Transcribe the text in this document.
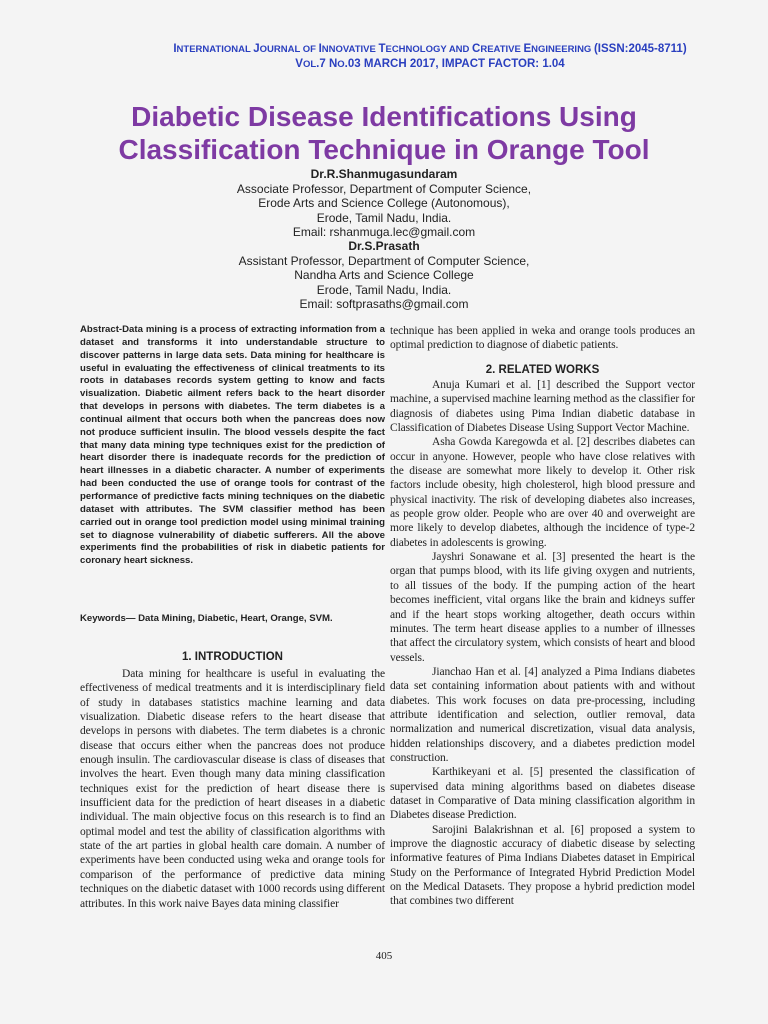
INTERNATIONAL JOURNAL OF INNOVATIVE TECHNOLOGY AND CREATIVE ENGINEERING (ISSN:2045-8711)
VOL.7 NO.03 MARCH 2017, IMPACT FACTOR: 1.04
Diabetic Disease Identifications Using
Classification Technique in Orange Tool
Dr.R.Shanmugasundaram
Associate Professor, Department of Computer Science,
Erode Arts and Science College (Autonomous),
Erode, Tamil Nadu, India.
Email: rshanmuga.lec@gmail.com
Dr.S.Prasath
Assistant Professor, Department of Computer Science,
Nandha Arts and Science College
Erode, Tamil Nadu, India.
Email: softprasaths@gmail.com
Abstract-Data mining is a process of extracting information from a dataset and transforms it into understandable structure to discover patterns in large data sets. Data mining for healthcare is useful in evaluating the effectiveness of clinical treatments to its roots in databases records system getting to know and facts visualization. Diabetic ailment refers back to the heart disorder that develops in persons with diabetes. The term diabetes is a continual ailment that occurs both when the pancreas does now not produce sufficient insulin. The blood vessels despite the fact that many data mining type techniques exist for the prediction of heart disorder there is inadequate records for the prediction of heart illnesses in a diabetic character. A number of experiments had been conducted the use of orange tools for contrast of the performance of predictive facts mining techniques on the diabetic dataset with attributes. The SVM classifier method has been carried out in orange tool prediction model using minimal training set to diagnose vulnerability of diabetic sufferers. All the above experiments find the probabilities of risk in diabetic patients for coronary heart sickness.
Keywords— Data Mining, Diabetic, Heart, Orange, SVM.
1. INTRODUCTION

Data mining for healthcare is useful in evaluating the effectiveness of medical treatments and it is interdisciplinary field of study in databases statistics machine learning and data visualization. Diabetic disease refers to the heart disease that develops in persons with diabetes. The term diabetes is a chronic disease that occurs either when the pancreas does not produce enough insulin. The cardiovascular disease is class of diseases that involves the heart. Even though many data mining classification techniques exist for the prediction of heart disease there is insufficient data for the prediction of heart diseases in a diabetic individual. The main objective focus on this research is to find an optimal model and test the ability of classification algorithms with state of the art parties in global health care domain. A number of experiments have been conducted using weka and orange tools for comparison of the performance of predictive data mining techniques on the diabetic dataset with 1000 records using different attributes. In this work naive Bayes data mining classifier

technique has been applied in weka and orange tools produces an optimal prediction to diagnose of diabetic patients.

2. RELATED WORKS

Anuja Kumari et al. [1] described the Support vector machine, a supervised machine learning method as the classifier for diagnosis of diabetes using Pima Indian diabetic database in Classification of Diabetes Disease Using Support Vector Machine.

Asha Gowda Karegowda et al. [2] describes diabetes can occur in anyone. However, people who have close relatives with the disease are somewhat more likely to develop it. Other risk factors include obesity, high cholesterol, high blood pressure and physical inactivity. The risk of developing diabetes also increases, as people grow older. People who are over 40 and overweight are more likely to develop diabetes, although the incidence of type-2 diabetes in adolescents is growing.

Jayshri Sonawane et al. [3] presented the heart is the organ that pumps blood, with its life giving oxygen and nutrients, to all tissues of the body. If the pumping action of the heart becomes inefficient, vital organs like the brain and kidneys suffer and if the heart stops working altogether, death occurs within minutes. The term heart disease applies to a number of illnesses that affect the circulatory system, which consists of heart and blood vessels.

Jianchao Han et al. [4] analyzed a Pima Indians diabetes data set containing information about patients with and without diabetes. This work focuses on data pre-processing, including attribute identification and selection, outlier removal, data normalization and numerical discretization, visual data analysis, hidden relationships discovery, and a diabetes prediction model construction.

Karthikeyani et al. [5] presented the classification of supervised data mining algorithms based on diabetes disease dataset in Comparative of Data mining classification algorithm in Diabetes disease Prediction.

Sarojini Balakrishnan et al. [6] proposed a system to improve the diagnostic accuracy of diabetic disease by selecting informative features of Pima Indians Diabetes dataset in Empirical Study on the Performance of Integrated Hybrid Prediction Model on the Medical Datasets. They propose a hybrid prediction model that combines two different

405
